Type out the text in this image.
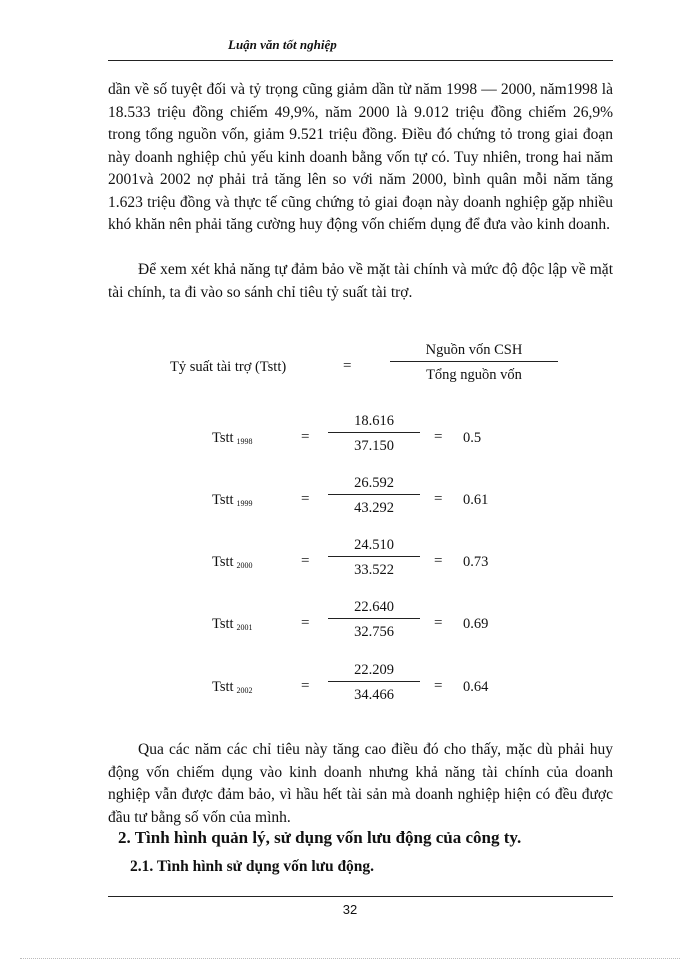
Luận văn tốt nghiệp

dần về số tuyệt đối và tỷ trọng cũng giảm dần từ năm 1998 — 2000, năm1998 là 18.533 triệu đồng chiếm 49,9%, năm 2000 là 9.012 triệu đồng chiếm 26,9% trong tổng nguồn vốn, giảm 9.521 triệu đồng. Điều đó chứng tỏ trong giai đoạn này doanh nghiệp chủ yếu kinh doanh bằng vốn tự có. Tuy nhiên, trong hai năm 2001và 2002 nợ phải trả tăng lên so với năm 2000, bình quân mỗi năm tăng 1.623 triệu đồng và thực tế cũng chứng tỏ giai đoạn này doanh nghiệp gặp nhiều khó khăn nên phải tăng cường huy động vốn chiếm dụng để đưa vào kinh doanh.

Để xem xét khả năng tự đảm bảo về mặt tài chính và mức độ độc lập về mặt tài chính, ta đi vào so sánh chỉ tiêu tỷ suất tài trợ.

Tỷ suất tài trợ (Tstt)	=
Nguồn vốn CSH
Tổng nguồn vốn
Tstt 1998	=
18.616
37.150
= 0.5
Tstt 1999	=
26.592
43.292
= 0.61
Tstt 2000	=
24.510
33.522
= 0.73
Tstt 2001	=
22.640
32.756
= 0.69
Tstt 2002	=
22.209
34.466
= 0.64

Qua các năm các chỉ tiêu này tăng cao điều đó cho thấy, mặc dù phải huy động vốn chiếm dụng vào kinh doanh nhưng khả năng tài chính của doanh nghiệp vẫn được đảm bảo, vì hầu hết tài sản mà doanh nghiệp hiện có đều được đầu tư bằng số vốn của mình.

2. Tình hình quản lý, sử dụng vốn lưu động của công ty.
2.1. Tình hình sử dụng vốn lưu động.
32
